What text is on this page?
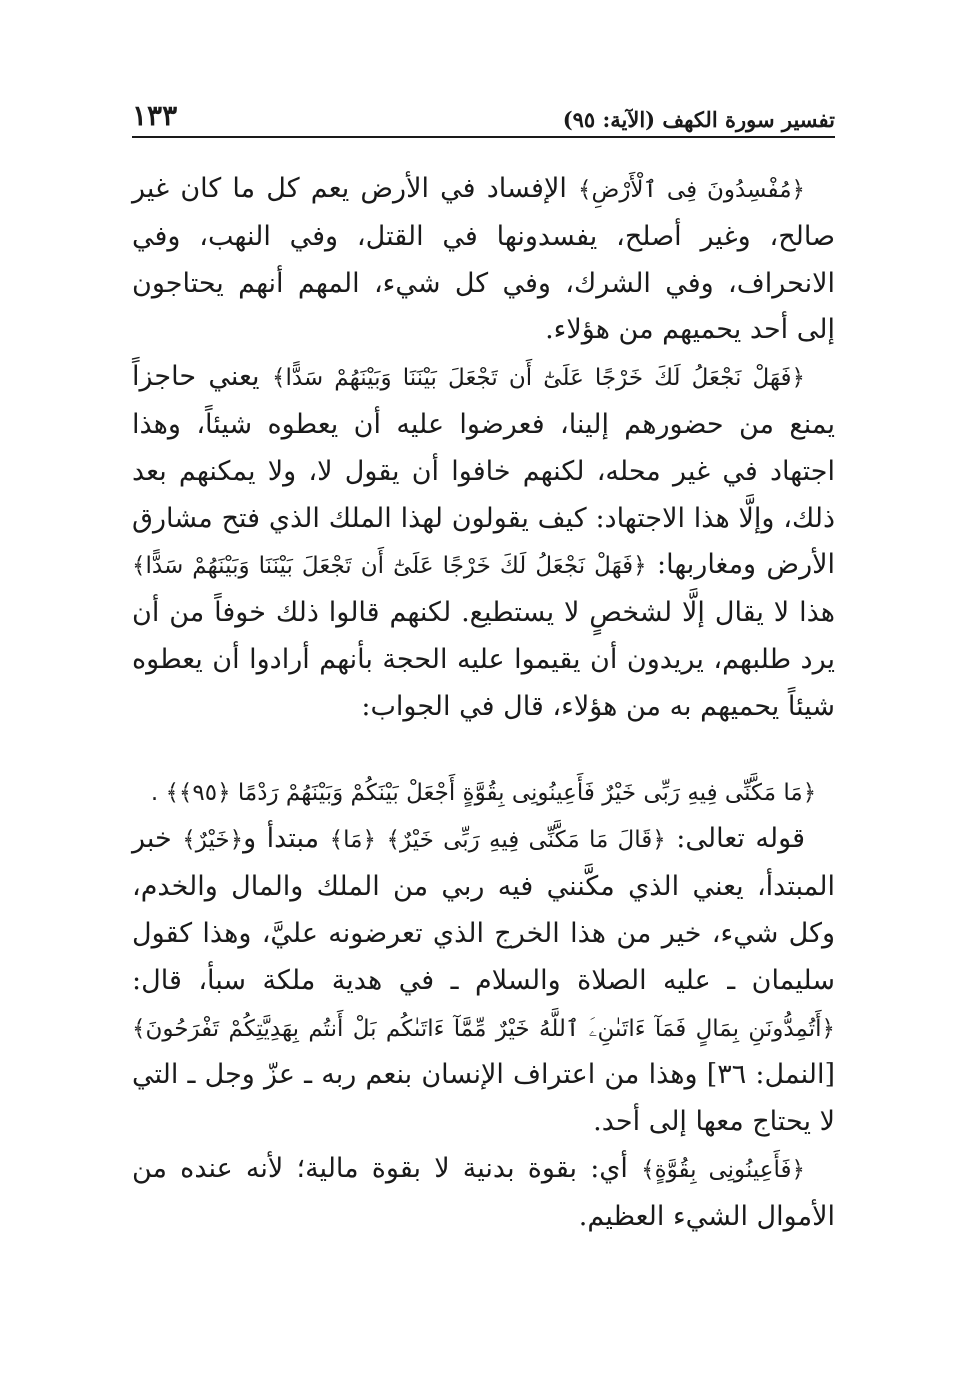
تفسير سورة الكهف (الآية: ٩٥)
١٣٣

﴿مُفْسِدُونَ فِى ٱلْأَرْضِ﴾ الإفساد في الأرض يعم كل ما كان غير صالح، وغير أصلح، يفسدونها في القتل، وفي النهب، وفي الانحراف، وفي الشرك، وفي كل شيء، المهم أنهم يحتاجون إلى أحد يحميهم من هؤلاء.

﴿فَهَلْ نَجْعَلُ لَكَ خَرْجًا عَلَىٰٓ أَن تَجْعَلَ بَيْنَنَا وَبَيْنَهُمْ سَدًّا﴾ يعني حاجزاً يمنع من حضورهم إلينا، فعرضوا عليه أن يعطوه شيئاً، وهذا اجتهاد في غير محله، لكنهم خافوا أن يقول لا، ولا يمكنهم بعد ذلك، وإلَّا هذا الاجتهاد: كيف يقولون لهذا الملك الذي فتح مشارق الأرض ومغاربها: ﴿فَهَلْ نَجْعَلُ لَكَ خَرْجًا عَلَىٰٓ أَن تَجْعَلَ بَيْنَنَا وَبَيْنَهُمْ سَدًّا﴾ هذا لا يقال إلَّا لشخصٍ لا يستطيع. لكنهم قالوا ذلك خوفاً من أن يرد طلبهم، يريدون أن يقيموا عليه الحجة بأنهم أرادوا أن يعطوه شيئاً يحميهم به من هؤلاء، قال في الجواب:

﴿مَا مَكَّنِّى فِيهِ رَبِّى خَيْرٌ فَأَعِينُونِى بِقُوَّةٍ أَجْعَلْ بَيْنَكُمْ وَبَيْنَهُمْ رَدْمًا ﴿٩٥﴾﴾ .

قوله تعالى: ﴿قَالَ مَا مَكَّنِّى فِيهِ رَبِّى خَيْرٌ﴾ ﴿مَا﴾ مبتدأ و﴿خَيْرٌ﴾ خبر المبتدأ، يعني الذي مكَّنني فيه ربي من الملك والمال والخدم، وكل شيء، خير من هذا الخرج الذي تعرضونه عليَّ، وهذا كقول سليمان ـ عليه الصلاة والسلام ـ في هدية ملكة سبأ، قال: ﴿أَتُمِدُّونَنِ بِمَالٍ فَمَآ ءَاتَىٰنِۦَ ٱللَّهُ خَيْرٌ مِّمَّآ ءَاتَىٰكُم بَلْ أَنتُم بِهَدِيَّتِكُمْ تَفْرَحُونَ﴾ [النمل: ٣٦] وهذا من اعتراف الإنسان بنعم ربه ـ عزّ وجل ـ التي لا يحتاج معها إلى أحد.

﴿فَأَعِينُونِى بِقُوَّةٍ﴾ أي: بقوة بدنية لا بقوة مالية؛ لأنه عنده من الأموال الشيء العظيم.
